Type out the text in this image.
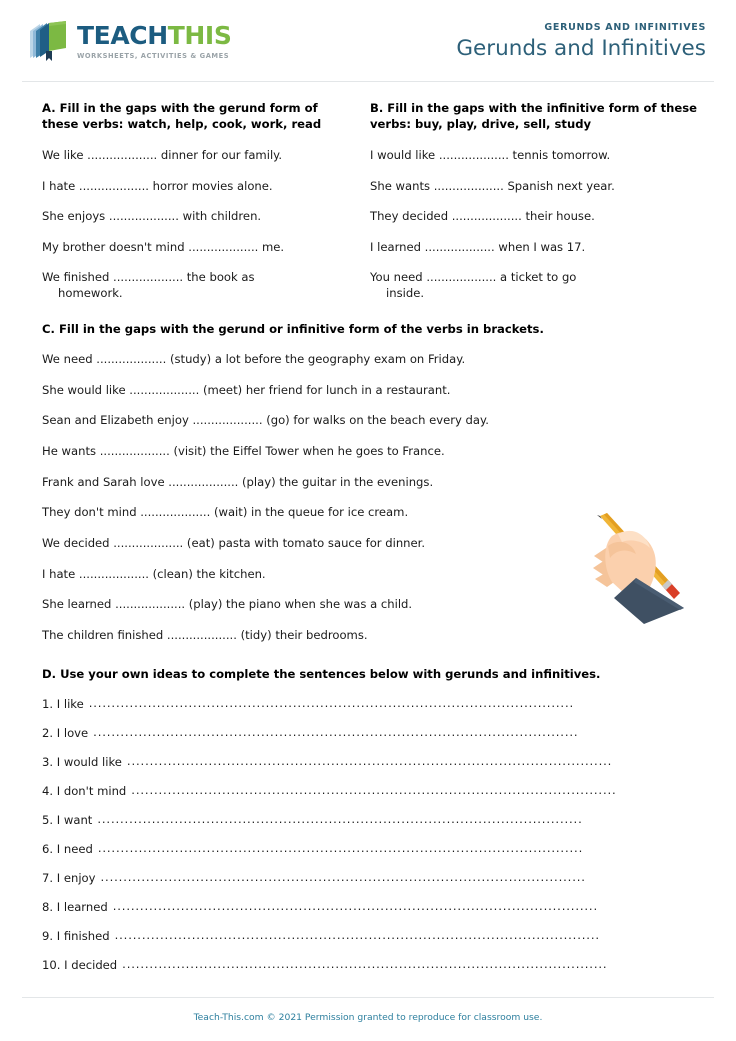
TEACHTHIS
WORKSHEETS, ACTIVITIES & GAMES
GERUNDS AND INFINITIVES
Gerunds and Infinitives
A. Fill in the gaps with the gerund form of these verbs: watch, help, cook, work, read
We like ................... dinner for our family.
I hate ................... horror movies alone.
She enjoys ................... with children.
My brother doesn't mind ................... me.
We finished ................... the book as
homework.
B. Fill in the gaps with the infinitive form of these verbs: buy, play, drive, sell, study
I would like ................... tennis tomorrow.
She wants ................... Spanish next year.
They decided ................... their house.
I learned ................... when I was 17.
You need ................... a ticket to go
inside.
C. Fill in the gaps with the gerund or infinitive form of the verbs in brackets.
We need ................... (study) a lot before the geography exam on Friday.
She would like ................... (meet) her friend for lunch in a restaurant.
Sean and Elizabeth enjoy ................... (go) for walks on the beach every day.
He wants ................... (visit) the Eiffel Tower when he goes to France.
Frank and Sarah love ................... (play) the guitar in the evenings.
They don't mind ................... (wait) in the queue for ice cream.
We decided ................... (eat) pasta with tomato sauce for dinner.
I hate ................... (clean) the kitchen.
She learned ................... (play) the piano when she was a child.
The children finished ................... (tidy) their bedrooms.
D. Use your own ideas to complete the sentences below with gerunds and infinitives.
1. I like ...........................................................................................................
2. I love ...........................................................................................................
3. I would like ...........................................................................................................
4. I don't mind ...........................................................................................................
5. I want ...........................................................................................................
6. I need ...........................................................................................................
7. I enjoy ...........................................................................................................
8. I learned ...........................................................................................................
9. I finished ...........................................................................................................
10. I decided ...........................................................................................................
Teach-This.com © 2021 Permission granted to reproduce for classroom use.
